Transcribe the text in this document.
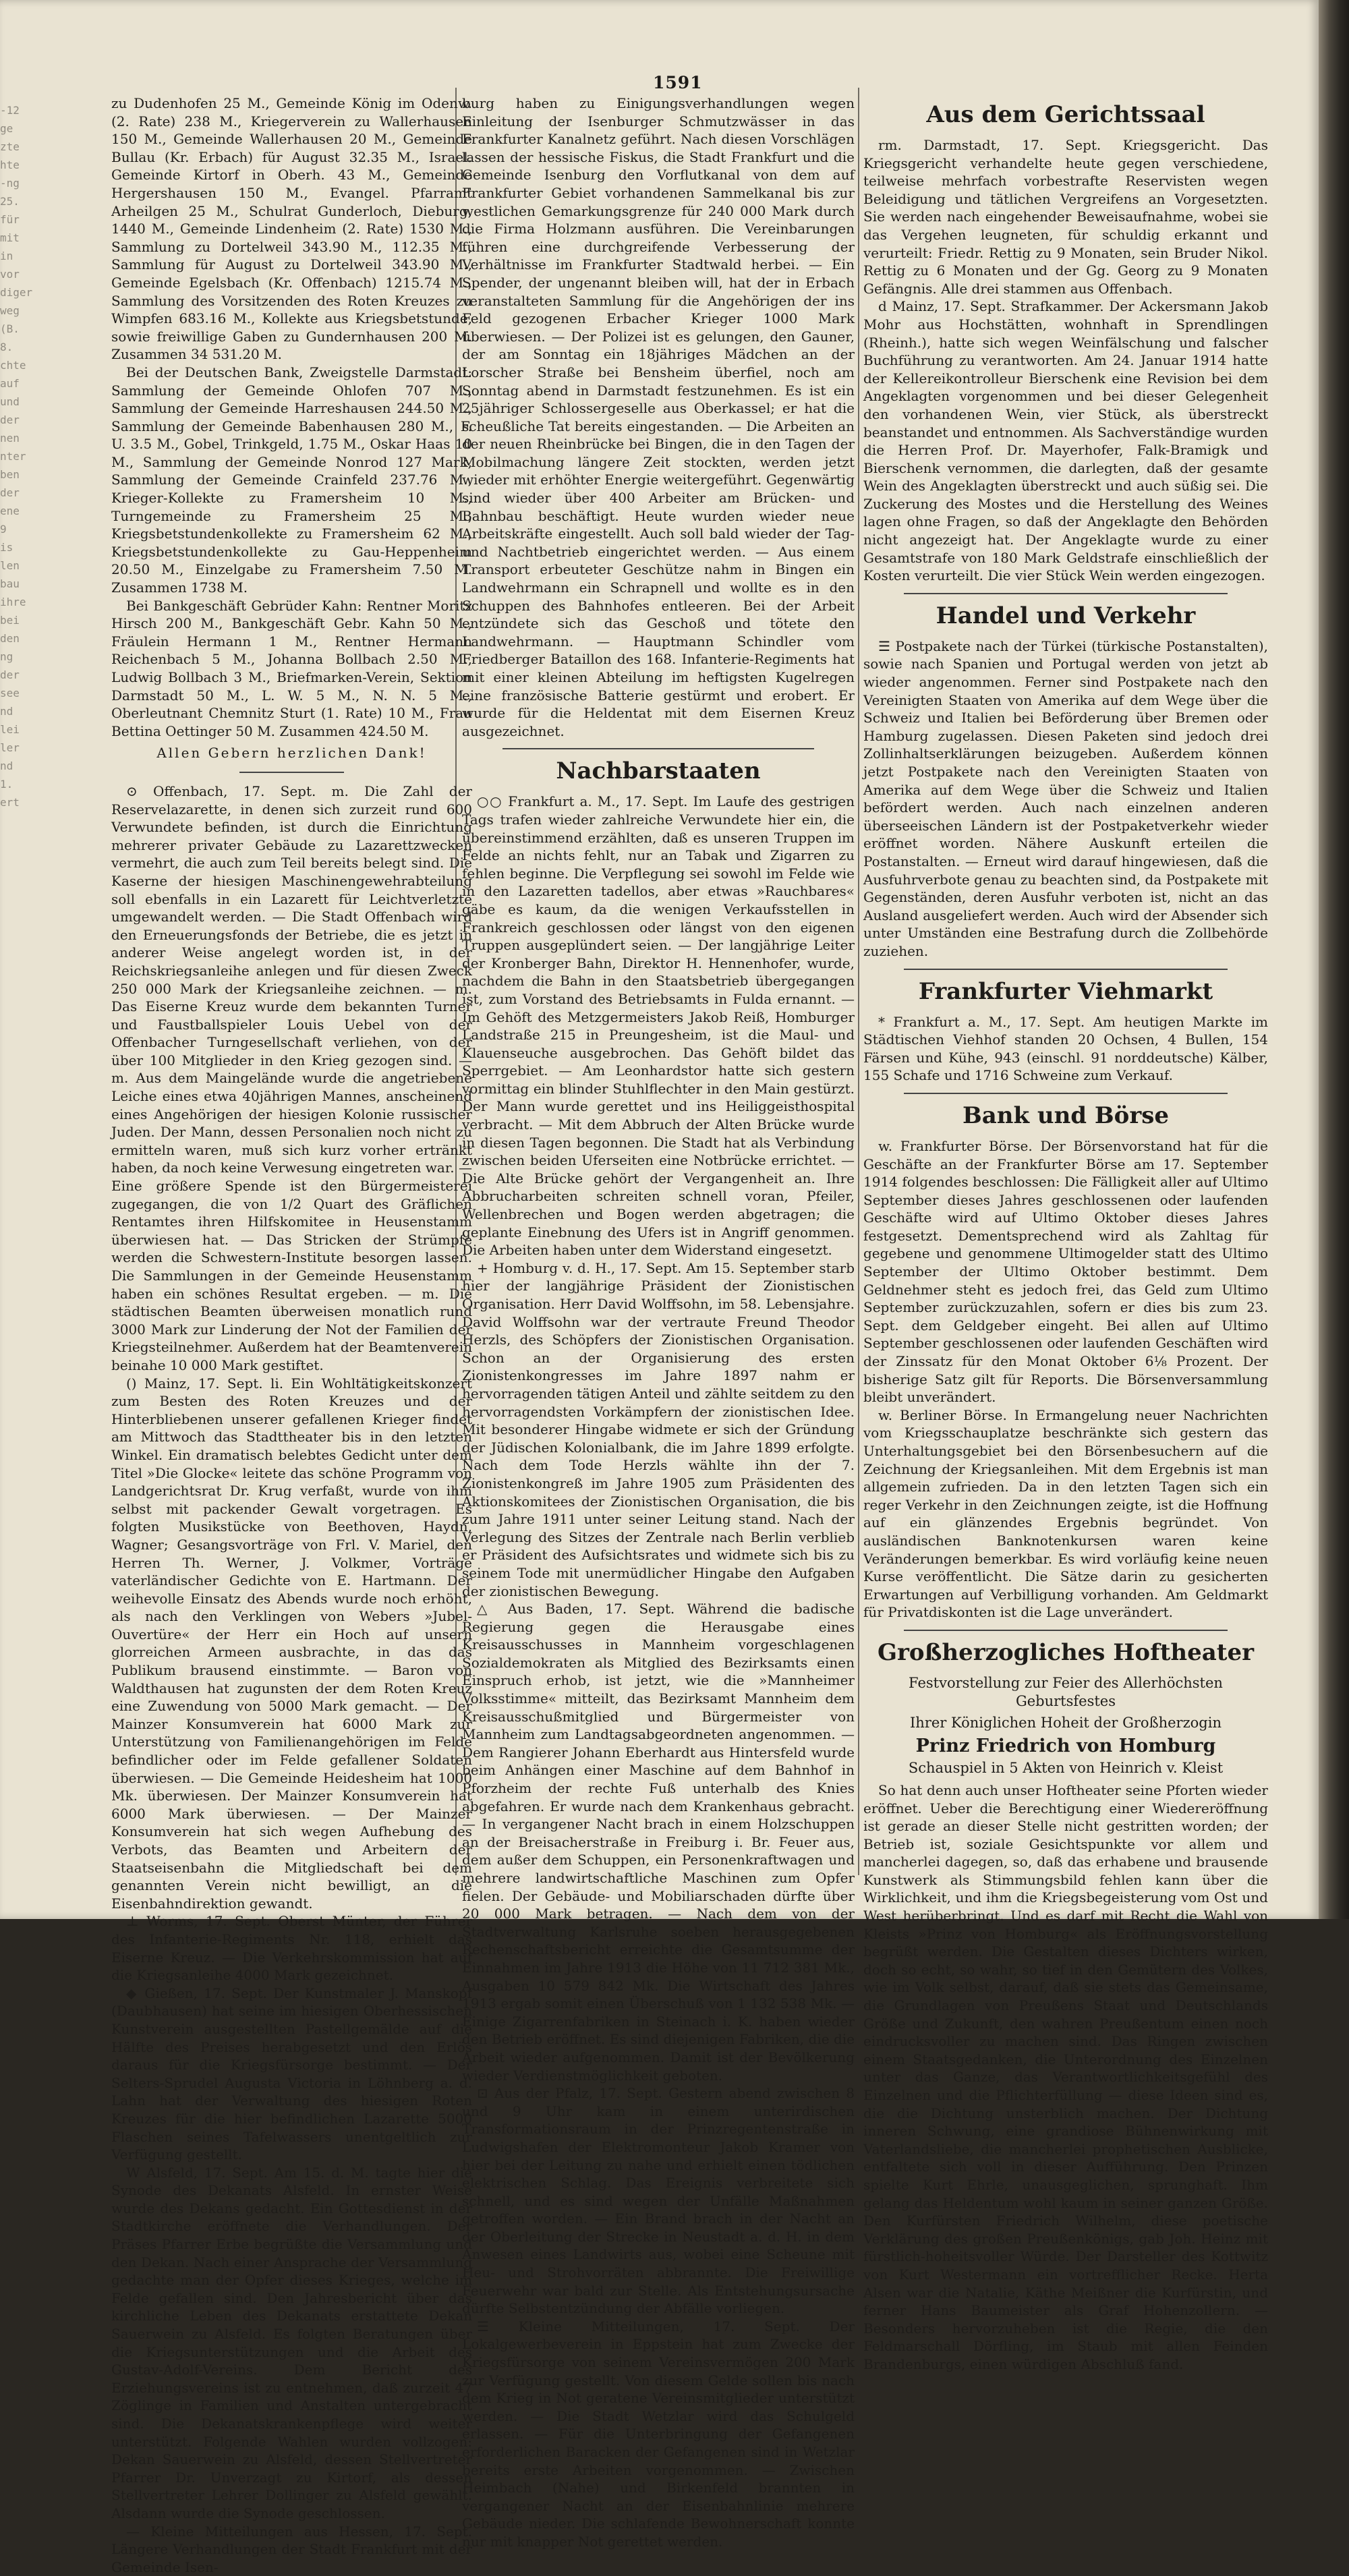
-12
ge
zte
hte
-ng
25.
für
mit
in
vor
diger
weg
(B.
8.
chte
auf
und
der
nen
nter
ben
der
ene
9
is
len
bau
ihre
bei
den
ng
der
see
nd
lei
ler
nd
1.
ert

1591

zu Dudenhofen 25 M., Gemeinde König im Odenw. (2. Rate) 238 M., Kriegerverein zu Wallerhausen 150 M., Gemeinde Wallerhausen 20 M., Gemeinde Bullau (Kr. Erbach) für August 32.35 M., Israel. Gemeinde Kirtorf in Oberh. 43 M., Gemeinde Hergershausen 150 M., Evangel. Pfarramt Arheilgen 25 M., Schulrat Gunderloch, Dieburg, 1440 M., Gemeinde Lindenheim (2. Rate) 1530 M., Sammlung zu Dortelweil 343.90 M., 112.35 M., Sammlung für August zu Dortelweil 343.90 M., Gemeinde Egelsbach (Kr. Offenbach) 1215.74 M., Sammlung des Vorsitzenden des Roten Kreuzes zu Wimpfen 683.16 M., Kollekte aus Kriegsbetstunde, sowie freiwillige Gaben zu Gundernhausen 200 M. Zusammen 34 531.20 M.

Bei der Deutschen Bank, Zweigstelle Darmstadt: Sammlung der Gemeinde Ohlofen 707 M., Sammlung der Gemeinde Harreshausen 244.50 M., Sammlung der Gemeinde Babenhausen 280 M., F. U. 3.5 M., Gobel, Trinkgeld, 1.75 M., Oskar Haas 10 M., Sammlung der Gemeinde Nonrod 127 Mark, Sammlung der Gemeinde Crainfeld 237.76 M., Krieger-Kollekte zu Framersheim 10 M., Turngemeinde zu Framersheim 25 M., Kriegsbetstundenkollekte zu Framersheim 62 M., Kriegsbetstundenkollekte zu Gau-Heppenheim 20.50 M., Einzelgabe zu Framersheim 7.50 M. Zusammen 1738 M.

Bei Bankgeschäft Gebrüder Kahn: Rentner Moritz Hirsch 200 M., Bankgeschäft Gebr. Kahn 50 M., Fräulein Hermann 1 M., Rentner Hermann Reichenbach 5 M., Johanna Bollbach 2.50 M., Ludwig Bollbach 3 M., Briefmarken-Verein, Sektion Darmstadt 50 M., L. W. 5 M., N. N. 5 M., Oberleutnant Chemnitz Sturt (1. Rate) 10 M., Frau Bettina Oettinger 50 M. Zusammen 424.50 M.

Allen Gebern herzlichen Dank!

⊙ Offenbach, 17. Sept. m. Die Zahl der Reservelazarette, in denen sich zurzeit rund 600 Verwundete befinden, ist durch die Einrichtung mehrerer privater Gebäude zu Lazarettzwecken vermehrt, die auch zum Teil bereits belegt sind. Die Kaserne der hiesigen Maschinengewehrabteilung soll ebenfalls in ein Lazarett für Leichtverletzte umgewandelt werden. — Die Stadt Offenbach wird den Erneuerungsfonds der Betriebe, die es jetzt in anderer Weise angelegt worden ist, in der Reichskriegsanleihe anlegen und für diesen Zweck 250 000 Mark der Kriegsanleihe zeichnen. — m. Das Eiserne Kreuz wurde dem bekannten Turner und Faustballspieler Louis Uebel von der Offenbacher Turngesellschaft verliehen, von der über 100 Mitglieder in den Krieg gezogen sind. — m. Aus dem Maingelände wurde die angetriebene Leiche eines etwa 40jährigen Mannes, anscheinend eines Angehörigen der hiesigen Kolonie russischer Juden. Der Mann, dessen Personalien noch nicht zu ermitteln waren, muß sich kurz vorher ertränkt haben, da noch keine Verwesung eingetreten war. — Eine größere Spende ist den Bürgermeisterei zugegangen, die von 1/2 Quart des Gräflichen Rentamtes ihren Hilfskomitee in Heusenstamm überwiesen hat. — Das Stricken der Strümpfe werden die Schwestern-Institute besorgen lassen. Die Sammlungen in der Gemeinde Heusenstamm haben ein schönes Resultat ergeben. — m. Die städtischen Beamten überweisen monatlich rund 3000 Mark zur Linderung der Not der Familien der Kriegsteilnehmer. Außerdem hat der Beamtenverein beinahe 10 000 Mark gestiftet.

() Mainz, 17. Sept. li. Ein Wohltätigkeitskonzert zum Besten des Roten Kreuzes und der Hinterbliebenen unserer gefallenen Krieger findet am Mittwoch das Stadttheater bis in den letzten Winkel. Ein dramatisch belebtes Gedicht unter dem Titel »Die Glocke« leitete das schöne Programm von Landgerichtsrat Dr. Krug verfaßt, wurde von ihm selbst mit packender Gewalt vorgetragen. Es folgten Musikstücke von Beethoven, Haydn, Wagner; Gesangsvorträge von Frl. V. Mariel, den Herren Th. Werner, J. Volkmer, Vorträge vaterländischer Gedichte von E. Hartmann. Der weihevolle Einsatz des Abends wurde noch erhöht, als nach den Verklingen von Webers »Jubel-Ouvertüre« der Herr ein Hoch auf unsern glorreichen Armeen ausbrachte, in das das Publikum brausend einstimmte. — Baron von Waldthausen hat zugunsten der dem Roten Kreuz eine Zuwendung von 5000 Mark gemacht. — Der Mainzer Konsumverein hat 6000 Mark zur Unterstützung von Familienangehörigen im Felde befindlicher oder im Felde gefallener Soldaten überwiesen. — Die Gemeinde Heidesheim hat 1000 Mk. überwiesen. Der Mainzer Konsumverein hat 6000 Mark überwiesen. — Der Mainzer Konsumverein hat sich wegen Aufhebung des Verbots, das Beamten und Arbeitern der Staatseisenbahn die Mitgliedschaft bei dem genannten Verein nicht bewilligt, an die Eisenbahndirektion gewandt.

⊥ Worms, 17. Sept. Oberst Münter, der Führer des Infanterie-Regiments Nr. 118, erhielt das Eiserne Kreuz. — Die Verkehrskommission hat auf die Kriegsanleihe 4000 Mark gezeichnet.

◆ Gießen, 17. Sept. Der Kunstmaler J. Manskopf (Daubhausen) hat seine im hiesigen Oberhessischen Kunstverein ausgestellten Pastellgemälde auf die Hälfte des Preises herabgesetzt und den Erlös daraus für die Kriegsfürsorge bestimmt. — Der Selters-Sprudel Augusta Victoria in Löhnberg a. d. Lahn hat der Verwaltung des hiesigen Roten Kreuzes für die hier befindlichen Lazarette 5000 Flaschen seines Tafelwassers unentgeltlich zur Verfügung gestellt.

W Alsfeld, 17. Sept. Am 15. d. M. tagte hier die Synode des Dekanats Alsfeld. In ernster Weise wurde des Dekans gedacht. Ein Gottesdienst in der Stadtkirche eröffnete die Verhandlungen. Der Präses Pfarrer Erbe begrüßte die Versammlung und den Dekan. Nach einer Ansprache der Versammlung gedachte man der Opfer dieses Krieges, welche im Felde gefallen sind. Den Jahresbericht über das kirchliche Leben des Dekanats erstattete Dekan Sauerwein zu Alsfeld. Es folgten Beratungen über die Kriegsunterstützungen und die Arbeit des Gustav-Adolf-Vereins. Dem Bericht des Erziehungsvereins ist zu entnehmen, daß zurzeit 47 Zöglinge in Familien und Anstalten untergebracht sind. Die Dekanatskrankenpflege wird weiter unterstützt. Folgende Wahlen wurden vollzogen: Dekan Sauerwein zu Alsfeld, dessen Stellvertreter Pfarrer Dr. Unverzagt zu Kirtorf, als dessen Stellvertreter Lehrer Dollinger zu Alsfeld gewählt. Alsdann wurde die Synode geschlossen.

— Kleine Mitteilungen aus Hessen, 17. Sept. Längere Verhandlungen der Stadt Frankfurt mit der Gemeinde Isen-

burg haben zu Einigungsverhandlungen wegen Einleitung der Isenburger Schmutzwässer in das Frankfurter Kanalnetz geführt. Nach diesen Vorschlägen lassen der hessische Fiskus, die Stadt Frankfurt und die Gemeinde Isenburg den Vorflutkanal von dem auf Frankfurter Gebiet vorhandenen Sammelkanal bis zur westlichen Gemarkungsgrenze für 240 000 Mark durch die Firma Holzmann ausführen. Die Vereinbarungen führen eine durchgreifende Verbesserung der Verhältnisse im Frankfurter Stadtwald herbei. — Ein Spender, der ungenannt bleiben will, hat der in Erbach veranstalteten Sammlung für die Angehörigen der ins Feld gezogenen Erbacher Krieger 1000 Mark überwiesen. — Der Polizei ist es gelungen, den Gauner, der am Sonntag ein 18jähriges Mädchen an der Lorscher Straße bei Bensheim überfiel, noch am Sonntag abend in Darmstadt festzunehmen. Es ist ein 25jähriger Schlossergeselle aus Oberkassel; er hat die scheußliche Tat bereits eingestanden. — Die Arbeiten an der neuen Rheinbrücke bei Bingen, die in den Tagen der Mobilmachung längere Zeit stockten, werden jetzt wieder mit erhöhter Energie weitergeführt. Gegenwärtig sind wieder über 400 Arbeiter am Brücken- und Bahnbau beschäftigt. Heute wurden wieder neue Arbeitskräfte eingestellt. Auch soll bald wieder der Tag- und Nachtbetrieb eingerichtet werden. — Aus einem Transport erbeuteter Geschütze nahm in Bingen ein Landwehrmann ein Schrapnell und wollte es in den Schuppen des Bahnhofes entleeren. Bei der Arbeit entzündete sich das Geschoß und tötete den Landwehrmann. — Hauptmann Schindler vom Friedberger Bataillon des 168. Infanterie-Regiments hat mit einer kleinen Abteilung im heftigsten Kugelregen eine französische Batterie gestürmt und erobert. Er wurde für die Heldentat mit dem Eisernen Kreuz ausgezeichnet.

Nachbarstaaten

○○ Frankfurt a. M., 17. Sept. Im Laufe des gestrigen Tags trafen wieder zahlreiche Verwundete hier ein, die übereinstimmend erzählten, daß es unseren Truppen im Felde an nichts fehlt, nur an Tabak und Zigarren zu fehlen beginne. Die Verpflegung sei sowohl im Felde wie in den Lazaretten tadellos, aber etwas »Rauchbares« gäbe es kaum, da die wenigen Verkaufsstellen in Frankreich geschlossen oder längst von den eigenen Truppen ausgeplündert seien. — Der langjährige Leiter der Kronberger Bahn, Direktor H. Hennenhofer, wurde, nachdem die Bahn in den Staatsbetrieb übergegangen ist, zum Vorstand des Betriebsamts in Fulda ernannt. — Im Gehöft des Metzgermeisters Jakob Reiß, Homburger Landstraße 215 in Preungesheim, ist die Maul- und Klauenseuche ausgebrochen. Das Gehöft bildet das Sperrgebiet. — Am Leonhardstor hatte sich gestern vormittag ein blinder Stuhlflechter in den Main gestürzt. Der Mann wurde gerettet und ins Heiliggeisthospital verbracht. — Mit dem Abbruch der Alten Brücke wurde in diesen Tagen begonnen. Die Stadt hat als Verbindung zwischen beiden Uferseiten eine Notbrücke errichtet. — Die Alte Brücke gehört der Vergangenheit an. Ihre Abbrucharbeiten schreiten schnell voran, Pfeiler, Wellenbrechen und Bogen werden abgetragen; die geplante Einebnung des Ufers ist in Angriff genommen. Die Arbeiten haben unter dem Widerstand eingesetzt.

+ Homburg v. d. H., 17. Sept. Am 15. September starb hier der langjährige Präsident der Zionistischen Organisation. Herr David Wolffsohn, im 58. Lebensjahre. David Wolffsohn war der vertraute Freund Theodor Herzls, des Schöpfers der Zionistischen Organisation. Schon an der Organisierung des ersten Zionistenkongresses im Jahre 1897 nahm er hervorragenden tätigen Anteil und zählte seitdem zu den hervorragendsten Vorkämpfern der zionistischen Idee. Mit besonderer Hingabe widmete er sich der Gründung der Jüdischen Kolonialbank, die im Jahre 1899 erfolgte. Nach dem Tode Herzls wählte ihn der 7. Zionistenkongreß im Jahre 1905 zum Präsidenten des Aktionskomitees der Zionistischen Organisation, die bis zum Jahre 1911 unter seiner Leitung stand. Nach der Verlegung des Sitzes der Zentrale nach Berlin verblieb er Präsident des Aufsichtsrates und widmete sich bis zu seinem Tode mit unermüdlicher Hingabe den Aufgaben der zionistischen Bewegung.

△ Aus Baden, 17. Sept. Während die badische Regierung gegen die Herausgabe eines Kreisausschusses in Mannheim vorgeschlagenen Sozialdemokraten als Mitglied des Bezirksamts einen Einspruch erhob, ist jetzt, wie die »Mannheimer Volksstimme« mitteilt, das Bezirksamt Mannheim dem Kreisausschußmitglied und Bürgermeister von Mannheim zum Landtagsabgeordneten angenommen. — Dem Rangierer Johann Eberhardt aus Hintersfeld wurde beim Anhängen einer Maschine auf dem Bahnhof in Pforzheim der rechte Fuß unterhalb des Knies abgefahren. Er wurde nach dem Krankenhaus gebracht. — In vergangener Nacht brach in einem Holzschuppen an der Breisacherstraße in Freiburg i. Br. Feuer aus, dem außer dem Schuppen, ein Personenkraftwagen und mehrere landwirtschaftliche Maschinen zum Opfer fielen. Der Gebäude- und Mobiliarschaden dürfte über 20 000 Mark betragen. — Nach dem von der Stadtverwaltung Karlsruhe soeben herausgegebenen Rechenschaftsbericht erreichte die Gesamtsumme der Einnahmen im Jahre 1913 die Höhe von 11 712 381 Mk., Ausgaben 10 579 842 Mk. Die Wirtschaft des Jahres 1913 ergab somit einen Überschuß von 1 132 538 Mk. — Einige Zigarrenfabriken in Steinach i. K. haben wieder den Betrieb eröffnet. Es sind diejenigen Fabriken, die die Arbeit wieder aufgenommen. Damit ist der Bevölkerung wieder Verdienstmöglichkeit geboten.

⊡ Aus der Pfalz, 17. Sept. Gestern abend zwischen 8 und 9 Uhr kam in einem unterirdischen Transformationsraum in der Prinzregentenstraße in Ludwigshafen der Elektromonteur Jakob Kramer von hier bei der Leitung zu nahe und erhielt einen tödlichen elektrischen Schlag. Das Ereignis verbreitete sich schnell, und es sind wegen der Unfälle Maßnahmen getroffen worden. — Ein Brand brach in der Nacht an der Oberleitung der Strecke in Neustadt a. d. H. in dem Anwesen eines Landwirts aus, wobei eine Scheune mit Heu- und Strohvorräten abbrannte. Die Freiwillige Feuerwehr war bald zur Stelle. Als Entstehungsursache dürfte Selbstentzündung der Abfälle vorliegen.

☰ Kleine Mitteilungen, 17. Sept. Der Lokalgewerbeverein in Eppstein hat zum Zwecke der Kriegsfürsorge von seinem Vereinsvermögen 200 Mark zur Verfügung gestellt. Von diesem Gelde sollen bis nach dem Krieg in Not geratene Vereinsmitglieder unterstützt werden. — Die Stadt Wetzlar wird das Schulgeld erlassen. — Für die Unterbringung der Gefangenen erforderlichen Baracken der Gefangenen sind in Wetzlar bereits erste Arbeiten vorgenommen. — Zwischen Heimbach (Nahe) und Birkenfeld brannten in vergangener Nacht an der Eisenbahnlinie mehrere Gebäude nieder. Die schlafende Bewohnerschaft konnte nur mit knapper Not gerettet werden.

Aus dem Gerichtssaal

rm. Darmstadt, 17. Sept. Kriegsgericht. Das Kriegsgericht verhandelte heute gegen verschiedene, teilweise mehrfach vorbestrafte Reservisten wegen Beleidigung und tätlichen Vergreifens an Vorgesetzten. Sie werden nach eingehender Beweisaufnahme, wobei sie das Vergehen leugneten, für schuldig erkannt und verurteilt: Friedr. Rettig zu 9 Monaten, sein Bruder Nikol. Rettig zu 6 Monaten und der Gg. Georg zu 9 Monaten Gefängnis. Alle drei stammen aus Offenbach.

d Mainz, 17. Sept. Strafkammer. Der Ackersmann Jakob Mohr aus Hochstätten, wohnhaft in Sprendlingen (Rheinh.), hatte sich wegen Weinfälschung und falscher Buchführung zu verantworten. Am 24. Januar 1914 hatte der Kellereikontrolleur Bierschenk eine Revision bei dem Angeklagten vorgenommen und bei dieser Gelegenheit den vorhandenen Wein, vier Stück, als überstreckt beanstandet und entnommen. Als Sachverständige wurden die Herren Prof. Dr. Mayerhofer, Falk-Bramigk und Bierschenk vernommen, die darlegten, daß der gesamte Wein des Angeklagten überstreckt und auch süßig sei. Die Zuckerung des Mostes und die Herstellung des Weines lagen ohne Fragen, so daß der Angeklagte den Behörden nicht angezeigt hat. Der Angeklagte wurde zu einer Gesamtstrafe von 180 Mark Geldstrafe einschließlich der Kosten verurteilt. Die vier Stück Wein werden eingezogen.

Handel und Verkehr

☰ Postpakete nach der Türkei (türkische Postanstalten), sowie nach Spanien und Portugal werden von jetzt ab wieder angenommen. Ferner sind Postpakete nach den Vereinigten Staaten von Amerika auf dem Wege über die Schweiz und Italien bei Beförderung über Bremen oder Hamburg zugelassen. Diesen Paketen sind jedoch drei Zollinhaltserklärungen beizugeben. Außerdem können jetzt Postpakete nach den Vereinigten Staaten von Amerika auf dem Wege über die Schweiz und Italien befördert werden. Auch nach einzelnen anderen überseeischen Ländern ist der Postpaketverkehr wieder eröffnet worden. Nähere Auskunft erteilen die Postanstalten. — Erneut wird darauf hingewiesen, daß die Ausfuhrverbote genau zu beachten sind, da Postpakete mit Gegenständen, deren Ausfuhr verboten ist, nicht an das Ausland ausgeliefert werden. Auch wird der Absender sich unter Umständen eine Bestrafung durch die Zollbehörde zuziehen.

Frankfurter Viehmarkt

* Frankfurt a. M., 17. Sept. Am heutigen Markte im Städtischen Viehhof standen 20 Ochsen, 4 Bullen, 154 Färsen und Kühe, 943 (einschl. 91 norddeutsche) Kälber, 155 Schafe und 1716 Schweine zum Verkauf.

Bank und Börse

w. Frankfurter Börse. Der Börsenvorstand hat für die Geschäfte an der Frankfurter Börse am 17. September 1914 folgendes beschlossen: Die Fälligkeit aller auf Ultimo September dieses Jahres geschlossenen oder laufenden Geschäfte wird auf Ultimo Oktober dieses Jahres festgesetzt. Dementsprechend wird als Zahltag für gegebene und genommene Ultimogelder statt des Ultimo September der Ultimo Oktober bestimmt. Dem Geldnehmer steht es jedoch frei, das Geld zum Ultimo September zurückzuzahlen, sofern er dies bis zum 23. Sept. dem Geldgeber eingeht. Bei allen auf Ultimo September geschlossenen oder laufenden Geschäften wird der Zinssatz für den Monat Oktober 6⅛ Prozent. Der bisherige Satz gilt für Reports. Die Börsenversammlung bleibt unverändert.

w. Berliner Börse. In Ermangelung neuer Nachrichten vom Kriegsschauplatze beschränkte sich gestern das Unterhaltungsgebiet bei den Börsenbesuchern auf die Zeichnung der Kriegsanleihen. Mit dem Ergebnis ist man allgemein zufrieden. Da in den letzten Tagen sich ein reger Verkehr in den Zeichnungen zeigte, ist die Hoffnung auf ein glänzendes Ergebnis begründet. Von ausländischen Banknotenkursen waren keine Veränderungen bemerkbar. Es wird vorläufig keine neuen Kurse veröffentlicht. Die Sätze darin zu gesicherten Erwartungen auf Verbilligung vorhanden. Am Geldmarkt für Privatdiskonten ist die Lage unverändert.

Großherzogliches Hoftheater
Festvorstellung zur Feier des Allerhöchsten Geburtsfestes
Ihrer Königlichen Hoheit der Großherzogin
Prinz Friedrich von Homburg
Schauspiel in 5 Akten von Heinrich v. Kleist

So hat denn auch unser Hoftheater seine Pforten wieder eröffnet. Ueber die Berechtigung einer Wiedereröffnung ist gerade an dieser Stelle nicht gestritten worden; der Betrieb ist, soziale Gesichtspunkte vor allem und mancherlei dagegen, so, daß das erhabene und brausende Kunstwerk als Stimmungsbild fehlen kann über die Wirklichkeit, und ihm die Kriegsbegeisterung vom Ost und West herüberbringt. Und es darf mit Recht die Wahl von Kleists »Prinz von Homburg« als Eröffnungsvorstellung begrüßt werden. Die Gestalten dieses Dichters wirken, doch so echt, so wahr, so tief in den Gemütern des Volkes, wie im Volk selbst, darauf, daß sie stets das Gemeinsame, die Grundlagen von Preußens Staat und Deutschlands Größe und Zukunft, den wahren Preußentum einen noch eindrucksvoller zu machen sind. Das Ringen zwischen einem Staatsgedanken, die Unterordnung des Einzelnen unter das Ganze, das Verantwortlichkeitsgefühl des Einzelnen und die Pflichterfüllung — diese Ideen sind es, die die Dichtung unsterblich machen. Der Dichtung inneren Schwung, eine grandiose Bühnenwirkung mit Vaterlandsliebe, die mancherlei prophetischen Ausblicke, entfaltete sich voll in dieser Aufführung. Den Prinzen spielte Kurt Ehrle, unausgeglichen, sprunghaft. Ihm gelang das Heldentum wohl kaum in seiner ganzen Größe. Den Kurfürsten Friedrich Wilhelm, diese poetische Verklärung des großen Preußenkönigs, gab Joh. Heinz mit fürstlich-hoheitsvoller Würde. Der Darsteller des Kottwitz von Kurt Westermann ein vortrefflicher Recke. Herta Alsen war die Natalie, Käthe Meißner die Kurfürstin, und ferner Hans Baumeister als Graf Hohenzollern. — Besonders hervorzuheben ist die Regie, die den Feldmarschall Dörfling, im Staub mit allen Feinden Brandenburgs, einen würdigen Abschluß fand.
